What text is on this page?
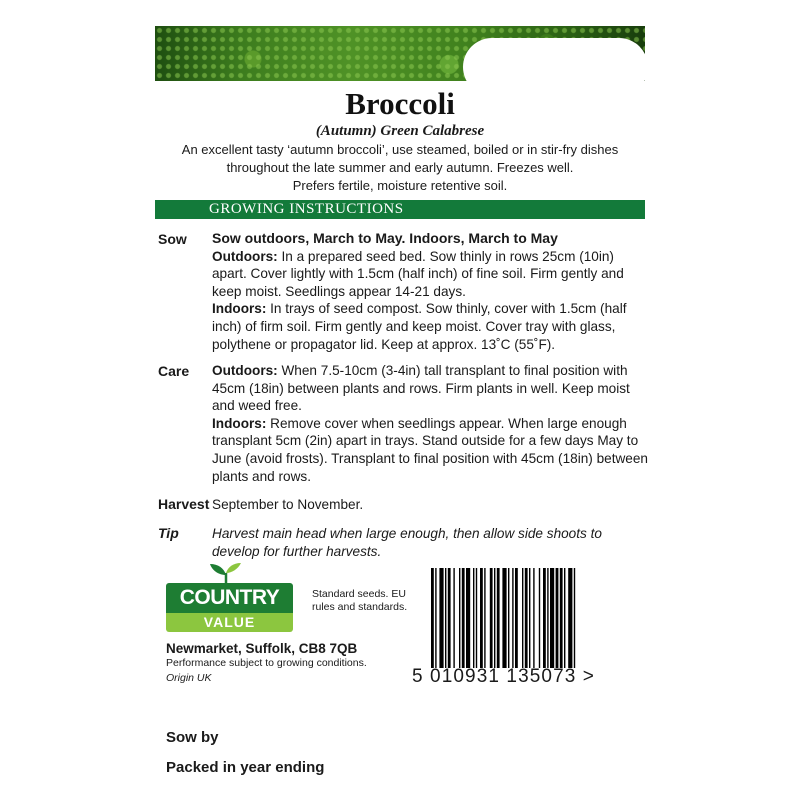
Broccoli
(Autumn) Green Calabrese
An excellent tasty ‘autumn broccoli’, use steamed, boiled or in stir-fry dishes
throughout the late summer and early autumn. Freezes well.
Prefers fertile, moisture retentive soil.
GROWING INSTRUCTIONS
Sow Sow outdoors, March to May. Indoors, March to May
Outdoors: In a prepared seed bed. Sow thinly in rows 25cm (10in) apart. Cover lightly with 1.5cm (half inch) of fine soil. Firm gently and keep moist. Seedlings appear 14-21 days.
Indoors: In trays of seed compost. Sow thinly, cover with 1.5cm (half inch) of firm soil. Firm gently and keep moist. Cover tray with glass, polythene or propagator lid. Keep at approx. 13˚C (55˚F).
Care Outdoors: When 7.5-10cm (3-4in) tall transplant to final position with 45cm (18in) between plants and rows. Firm plants in well. Keep moist and weed free.
Indoors: Remove cover when seedlings appear. When large enough transplant 5cm (2in) apart in trays. Stand outside for a few days May to June (avoid frosts). Transplant to final position with 45cm (18in) between plants and rows.
Harvest September to November.
Tip Harvest main head when large enough, then allow side shoots to develop for further harvests.
COUNTRY
VALUE
Standard seeds. EU rules and standards.
Newmarket, Suffolk, CB8 7QB
Performance subject to growing conditions.
Origin UK	5 010931 135073 >
Sow by
Packed in year ending
